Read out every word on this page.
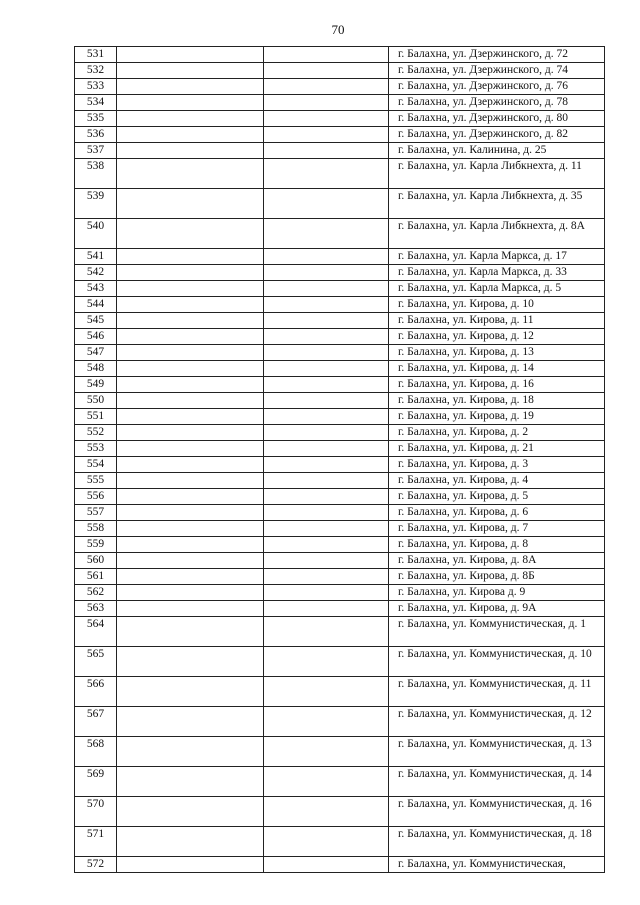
70
531	г. Балахна, ул. Дзержинского, д. 72
532	г. Балахна, ул. Дзержинского, д. 74
533	г. Балахна, ул. Дзержинского, д. 76
534	г. Балахна, ул. Дзержинского, д. 78
535	г. Балахна, ул. Дзержинского, д. 80
536	г. Балахна, ул. Дзержинского, д. 82
537	г. Балахна, ул. Калинина, д. 25
538	г. Балахна, ул. Карла Либкнехта, д. 11
539	г. Балахна, ул. Карла Либкнехта, д. 35
540	г. Балахна, ул. Карла Либкнехта, д. 8А
541	г. Балахна, ул. Карла Маркса, д. 17
542	г. Балахна, ул. Карла Маркса, д. 33
543	г. Балахна, ул. Карла Маркса, д. 5
544	г. Балахна, ул. Кирова, д. 10
545	г. Балахна, ул. Кирова, д. 11
546	г. Балахна, ул. Кирова, д. 12
547	г. Балахна, ул. Кирова, д. 13
548	г. Балахна, ул. Кирова, д. 14
549	г. Балахна, ул. Кирова, д. 16
550	г. Балахна, ул. Кирова, д. 18
551	г. Балахна, ул. Кирова, д. 19
552	г. Балахна, ул. Кирова, д. 2
553	г. Балахна, ул. Кирова, д. 21
554	г. Балахна, ул. Кирова, д. 3
555	г. Балахна, ул. Кирова, д. 4
556	г. Балахна, ул. Кирова, д. 5
557	г. Балахна, ул. Кирова, д. 6
558	г. Балахна, ул. Кирова, д. 7
559	г. Балахна, ул. Кирова, д. 8
560	г. Балахна, ул. Кирова, д. 8А
561	г. Балахна, ул. Кирова, д. 8Б
562	г. Балахна, ул. Кирова д. 9
563	г. Балахна, ул. Кирова, д. 9А
564	г. Балахна, ул. Коммунистическая, д. 1
565	г. Балахна, ул. Коммунистическая, д. 10
566	г. Балахна, ул. Коммунистическая, д. 11
567	г. Балахна, ул. Коммунистическая, д. 12
568	г. Балахна, ул. Коммунистическая, д. 13
569	г. Балахна, ул. Коммунистическая, д. 14
570	г. Балахна, ул. Коммунистическая, д. 16
571	г. Балахна, ул. Коммунистическая, д. 18
572	г. Балахна, ул. Коммунистическая,
